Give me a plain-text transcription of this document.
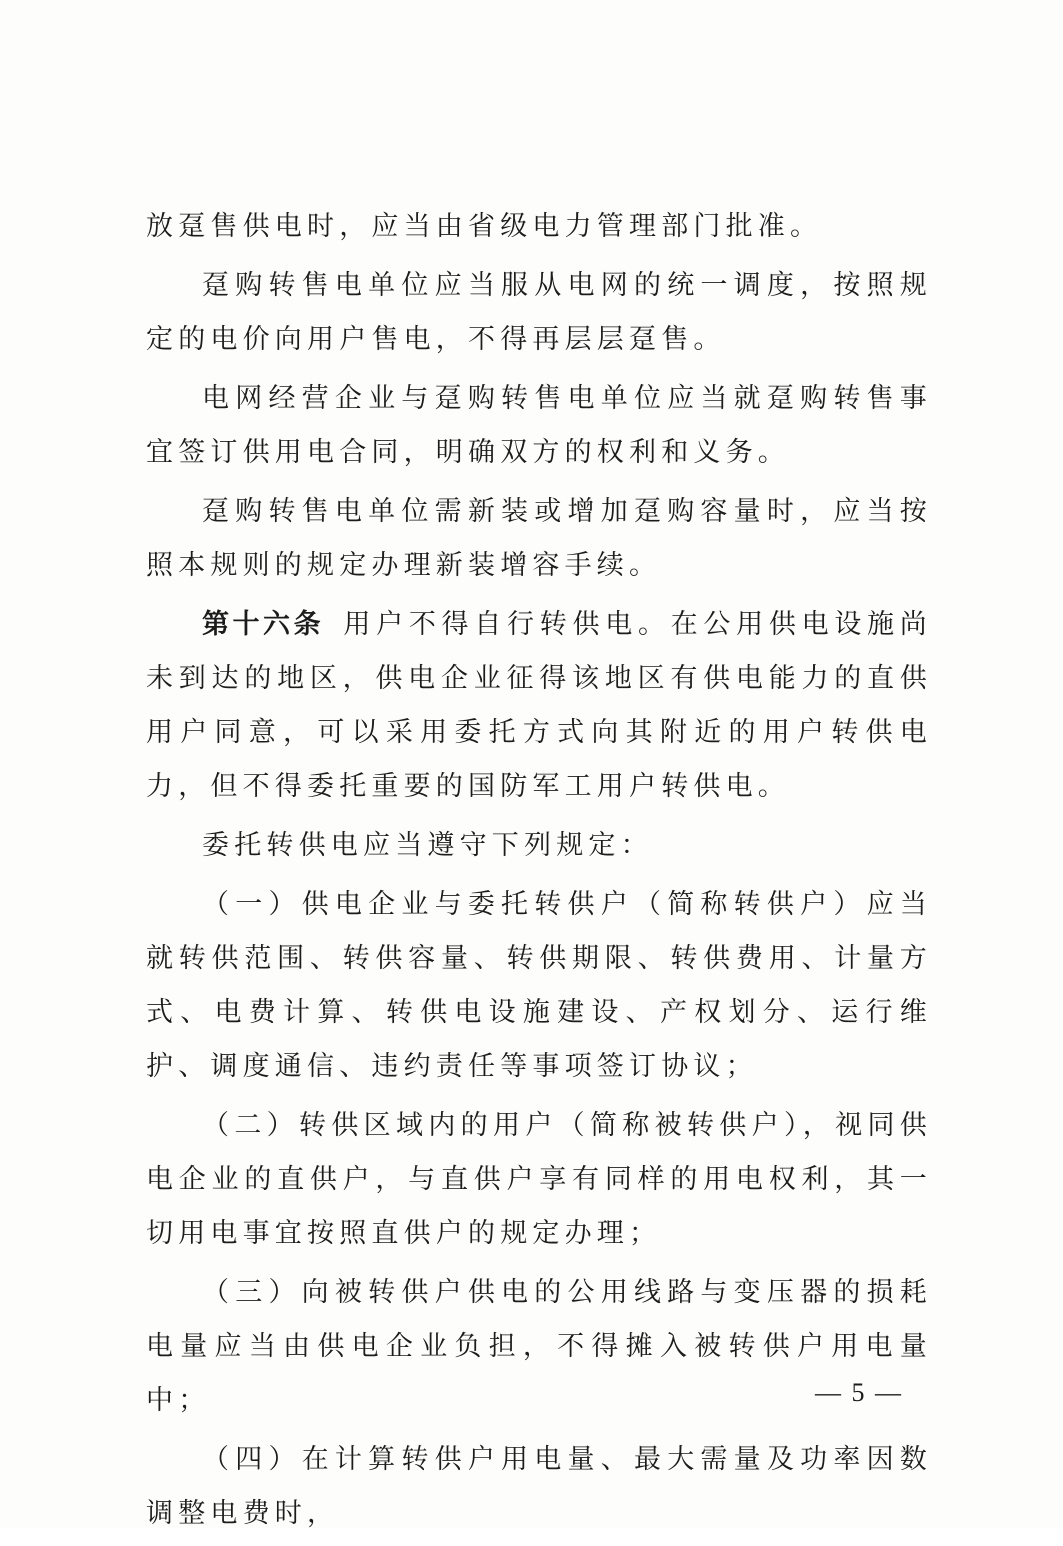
放趸售供电时，应当由省级电力管理部门批准。

趸购转售电单位应当服从电网的统一调度，按照规定的电价向用户售电，不得再层层趸售。

电网经营企业与趸购转售电单位应当就趸购转售事宜签订供用电合同，明确双方的权利和义务。

趸购转售电单位需新装或增加趸购容量时，应当按照本规则的规定办理新装增容手续。

第十六条  用户不得自行转供电。在公用供电设施尚未到达的地区，供电企业征得该地区有供电能力的直供用户同意，可以采用委托方式向其附近的用户转供电力，但不得委托重要的国防军工用户转供电。

委托转供电应当遵守下列规定：

（一）供电企业与委托转供户（简称转供户）应当就转供范围、转供容量、转供期限、转供费用、计量方式、电费计算、转供电设施建设、产权划分、运行维护、调度通信、违约责任等事项签订协议；

（二）转供区域内的用户（简称被转供户），视同供电企业的直供户，与直供户享有同样的用电权利，其一切用电事宜按照直供户的规定办理；

（三）向被转供户供电的公用线路与变压器的损耗电量应当由供电企业负担，不得摊入被转供户用电量中；

（四）在计算转供户用电量、最大需量及功率因数调整电费时，

— 5 —
